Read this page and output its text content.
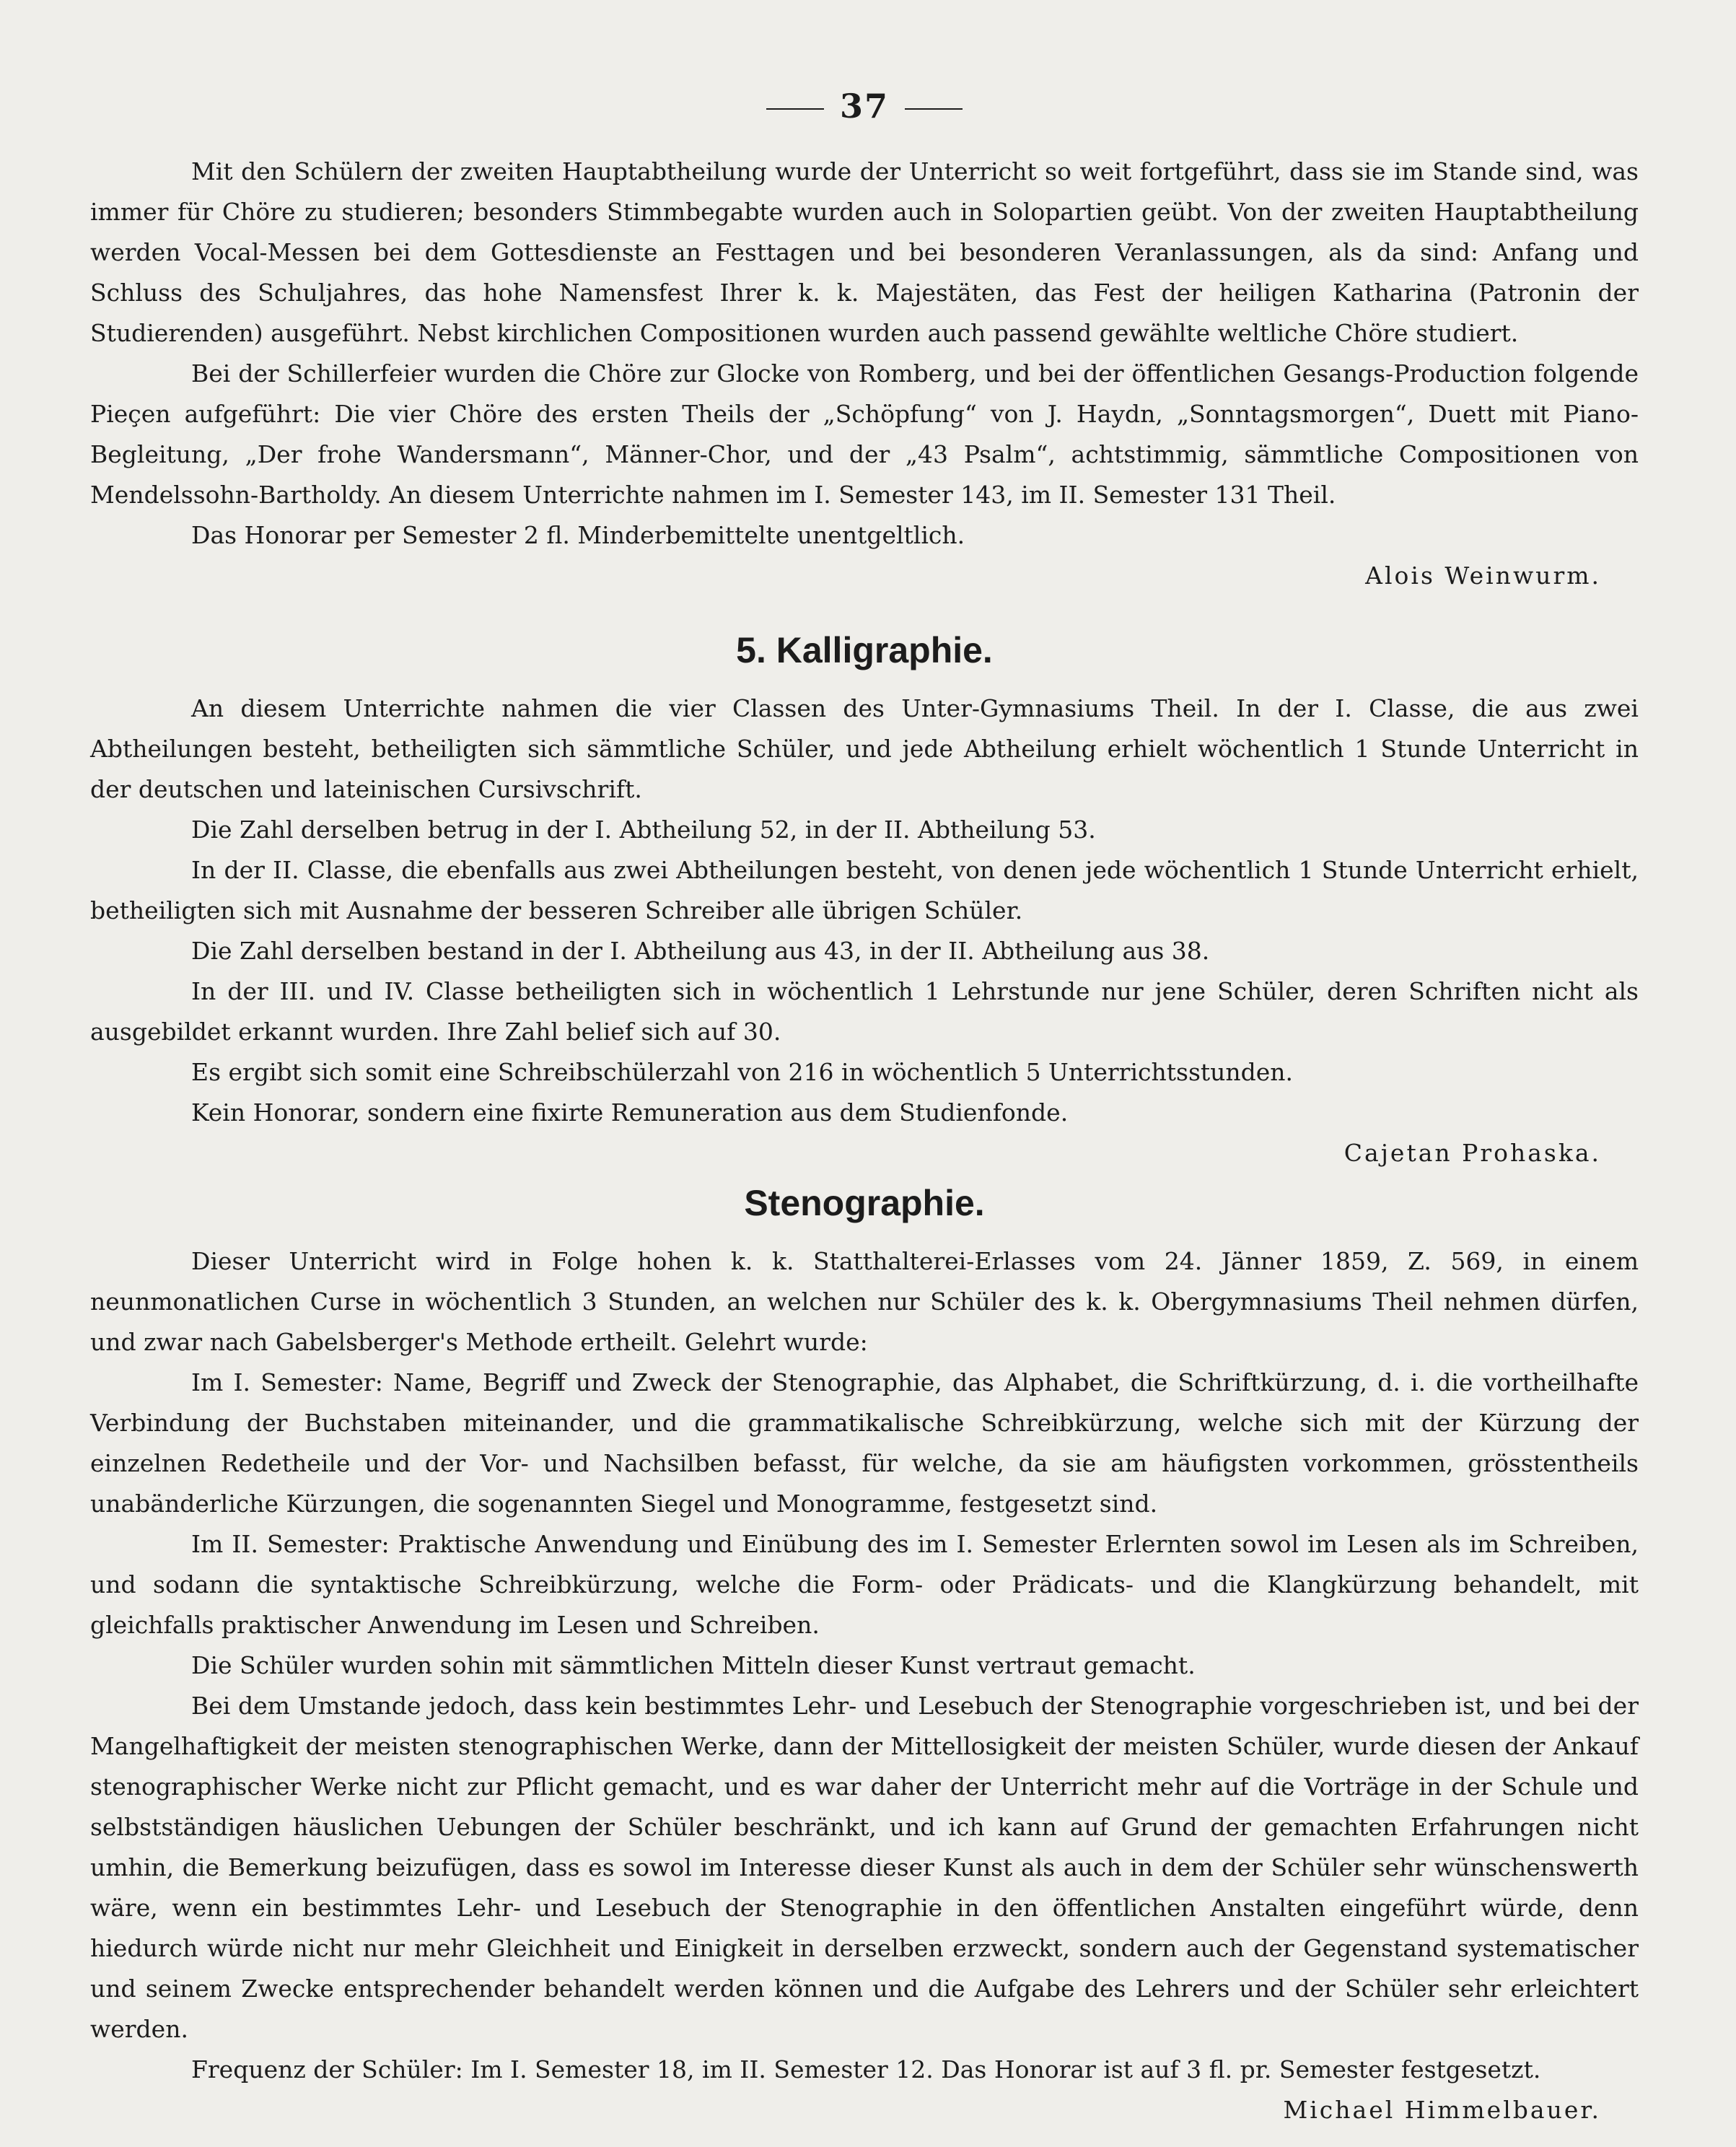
37

Mit den Schülern der zweiten Hauptabtheilung wurde der Unterricht so weit fortgeführt, dass sie im Stande sind, was immer für Chöre zu studieren; besonders Stimmbegabte wurden auch in Solopartien geübt. Von der zweiten Hauptabtheilung werden Vocal-Messen bei dem Gottesdienste an Festtagen und bei besonderen Veranlassungen, als da sind: Anfang und Schluss des Schuljahres, das hohe Namensfest Ihrer k. k. Majestäten, das Fest der heiligen Katharina (Patronin der Studierenden) ausgeführt. Nebst kirchlichen Compositionen wurden auch passend gewählte weltliche Chöre studiert.

Bei der Schillerfeier wurden die Chöre zur Glocke von Romberg, und bei der öffentlichen Gesangs-Production folgende Pieçen aufgeführt: Die vier Chöre des ersten Theils der „Schöpfung“ von J. Haydn, „Sonntagsmorgen“, Duett mit Piano-Begleitung, „Der frohe Wandersmann“, Männer-Chor, und der „43 Psalm“, achtstimmig, sämmtliche Compositionen von Mendelssohn-Bartholdy. An diesem Unterrichte nahmen im I. Semester 143, im II. Semester 131 Theil.

Das Honorar per Semester 2 fl. Minderbemittelte unentgeltlich.

Alois Weinwurm.

5. Kalligraphie.

An diesem Unterrichte nahmen die vier Classen des Unter-Gymnasiums Theil. In der I. Classe, die aus zwei Abtheilungen besteht, betheiligten sich sämmtliche Schüler, und jede Abtheilung erhielt wöchentlich 1 Stunde Unterricht in der deutschen und lateinischen Cursivschrift.

Die Zahl derselben betrug in der I. Abtheilung 52, in der II. Abtheilung 53.

In der II. Classe, die ebenfalls aus zwei Abtheilungen besteht, von denen jede wöchentlich 1 Stunde Unterricht erhielt, betheiligten sich mit Ausnahme der besseren Schreiber alle übrigen Schüler.

Die Zahl derselben bestand in der I. Abtheilung aus 43, in der II. Abtheilung aus 38.

In der III. und IV. Classe betheiligten sich in wöchentlich 1 Lehrstunde nur jene Schüler, deren Schriften nicht als ausgebildet erkannt wurden. Ihre Zahl belief sich auf 30.

Es ergibt sich somit eine Schreibschülerzahl von 216 in wöchentlich 5 Unterrichtsstunden.

Kein Honorar, sondern eine fixirte Remuneration aus dem Studienfonde.

Cajetan Prohaska.

Stenographie.

Dieser Unterricht wird in Folge hohen k. k. Statthalterei-Erlasses vom 24. Jänner 1859, Z. 569, in einem neunmonatlichen Curse in wöchentlich 3 Stunden, an welchen nur Schüler des k. k. Obergymnasiums Theil nehmen dürfen, und zwar nach Gabelsberger's Methode ertheilt. Gelehrt wurde:

Im I. Semester: Name, Begriff und Zweck der Stenographie, das Alphabet, die Schriftkürzung, d. i. die vortheilhafte Verbindung der Buchstaben miteinander, und die grammatikalische Schreibkürzung, welche sich mit der Kürzung der einzelnen Redetheile und der Vor- und Nachsilben befasst, für welche, da sie am häufigsten vorkommen, grösstentheils unabänderliche Kürzungen, die sogenannten Siegel und Monogramme, festgesetzt sind.

Im II. Semester: Praktische Anwendung und Einübung des im I. Semester Erlernten sowol im Lesen als im Schreiben, und sodann die syntaktische Schreibkürzung, welche die Form- oder Prädicats- und die Klangkürzung behandelt, mit gleichfalls praktischer Anwendung im Lesen und Schreiben.

Die Schüler wurden sohin mit sämmtlichen Mitteln dieser Kunst vertraut gemacht.

Bei dem Umstande jedoch, dass kein bestimmtes Lehr- und Lesebuch der Stenographie vorgeschrieben ist, und bei der Mangelhaftigkeit der meisten stenographischen Werke, dann der Mittellosigkeit der meisten Schüler, wurde diesen der Ankauf stenographischer Werke nicht zur Pflicht gemacht, und es war daher der Unterricht mehr auf die Vorträge in der Schule und selbstständigen häuslichen Uebungen der Schüler beschränkt, und ich kann auf Grund der gemachten Erfahrungen nicht umhin, die Bemerkung beizufügen, dass es sowol im Interesse dieser Kunst als auch in dem der Schüler sehr wünschenswerth wäre, wenn ein bestimmtes Lehr- und Lesebuch der Stenographie in den öffentlichen Anstalten eingeführt würde, denn hiedurch würde nicht nur mehr Gleichheit und Einigkeit in derselben erzweckt, sondern auch der Gegenstand systematischer und seinem Zwecke entsprechender behandelt werden können und die Aufgabe des Lehrers und der Schüler sehr erleichtert werden.

Frequenz der Schüler: Im I. Semester 18, im II. Semester 12. Das Honorar ist auf 3 fl. pr. Semester festgesetzt.

Michael Himmelbauer.
